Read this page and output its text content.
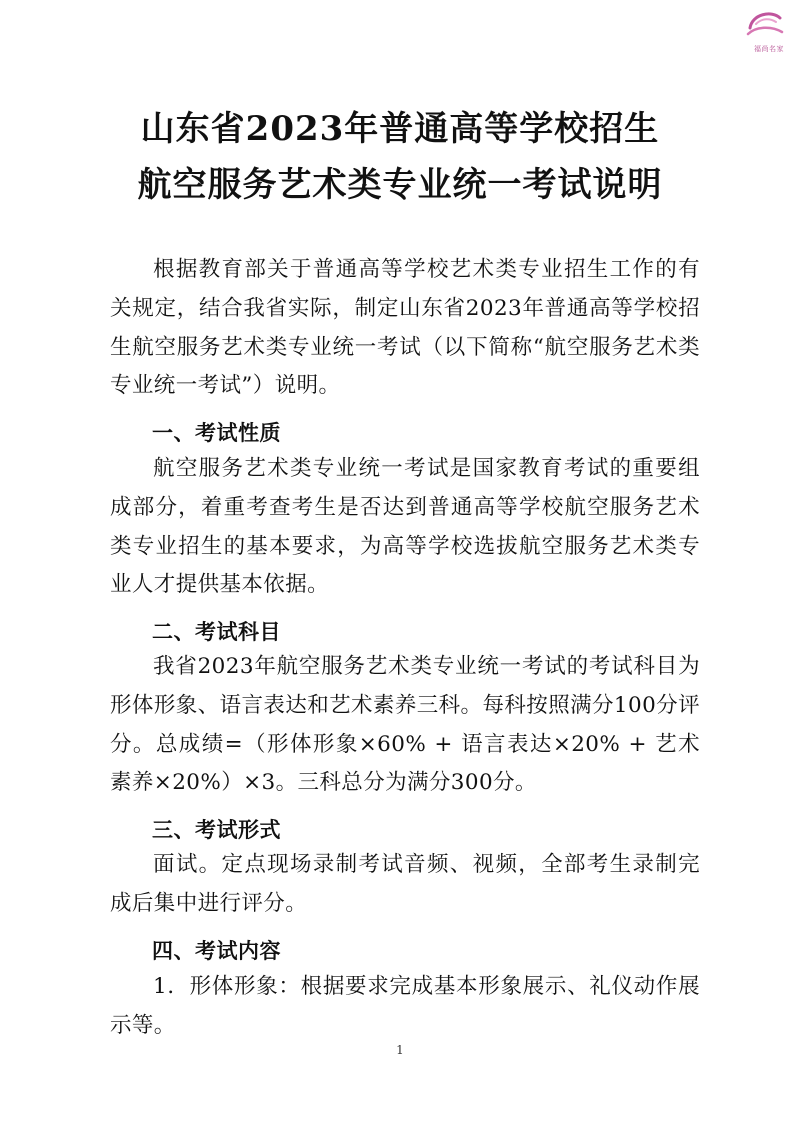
福尚名家
山东省2023年普通高等学校招生
航空服务艺术类专业统一考试说明
根据教育部关于普通高等学校艺术类专业招生工作的有关规定，结合我省实际，制定山东省2023年普通高等学校招生航空服务艺术类专业统一考试（以下简称“航空服务艺术类专业统一考试”）说明。
一、考试性质
航空服务艺术类专业统一考试是国家教育考试的重要组成部分，着重考查考生是否达到普通高等学校航空服务艺术类专业招生的基本要求，为高等学校选拔航空服务艺术类专业人才提供基本依据。
二、考试科目
我省2023年航空服务艺术类专业统一考试的考试科目为形体形象、语言表达和艺术素养三科。每科按照满分100分评分。总成绩=（形体形象×60% + 语言表达×20% + 艺术素养×20%）×3。三科总分为满分300分。
三、考试形式
面试。定点现场录制考试音频、视频，全部考生录制完成后集中进行评分。
四、考试内容
1．形体形象：根据要求完成基本形象展示、礼仪动作展示等。
1
